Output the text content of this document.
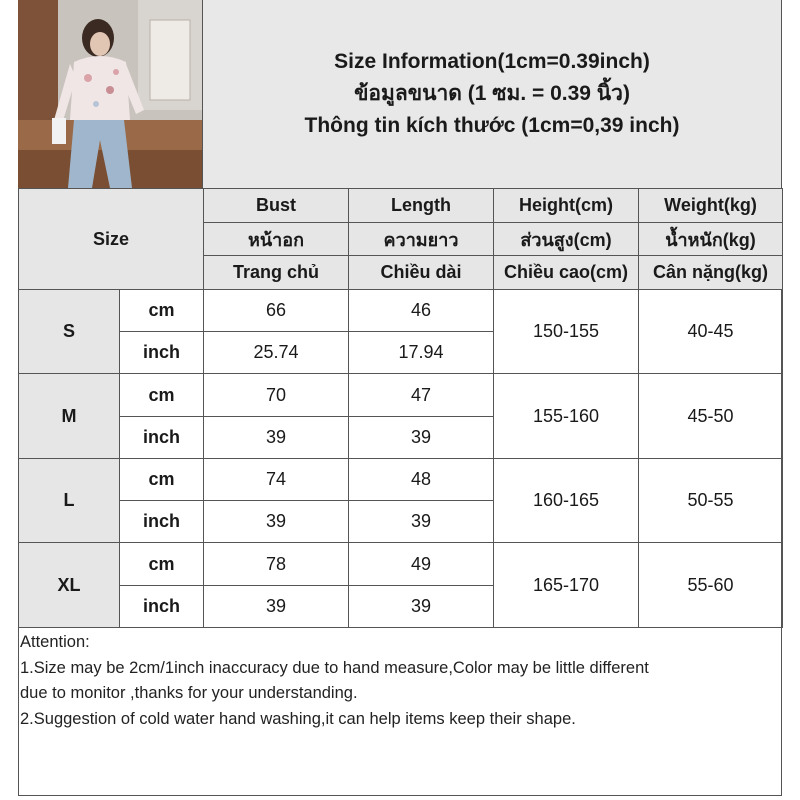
Size Information(1cm=0.39inch)
ข้อมูลขนาด (1 ซม. = 0.39 นิ้ว)
Thông tin kích thước (1cm=0,39 inch)
Size		Bust	Length	Height(cm)	Weight(kg)
		หน้าอก	ความยาว	ส่วนสูง(cm)	น้ำหนัก(kg)
		Trang chủ	Chiều dài	Chiều cao(cm)	Cân nặng(kg)
S	cm	66	46	150-155	40-45
	inch	25.74	17.94		
M	cm	70	47	155-160	45-50
	inch	39	39		
L	cm	74	48	160-165	50-55
	inch	39	39		
XL	cm	78	49	165-170	55-60
	inch	39	39		
Attention:
1.Size may be 2cm/1inch inaccuracy due to hand measure,Color may be little different
due to monitor ,thanks for your understanding.
2.Suggestion of cold water hand washing,it can help items keep their shape.
